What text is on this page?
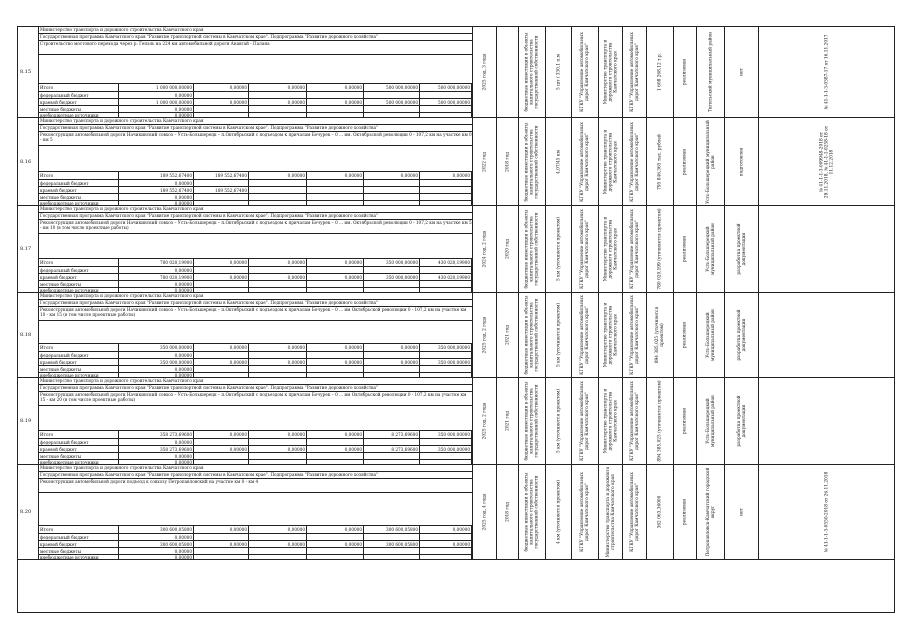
8.15
Министерство транспорта и дорожного строительства Камчатского края
Государственная программа Камчатского края "Развитие транспортной системы в Камчатском крае". Подпрограмма "Развитие дорожного хозяйства"
Строительство мостового перехода через р. Гепэль на 224 км автомобильной дороги Анавгай - Палана
Итого	1 000 000,00000	0,00000	0,00000	0,00000	500 000,00000	500 000,00000
федеральный бюджет	0,00000
краевой бюджет	1 000 000,00000	0,00000	0,00000	0,00000	500 000,00000	500 000,00000
местные бюджеты	0,00000
внебюджетные источники	0,00000
2025 год, 3 года	бюджетные инвестиции в объекты капитального строительства государственной собственности	5 шт / 330,1 п.м	КГКУ "Управление автомобильных дорог Камчатского края"	Министерство транспорта и дорожного строительства Камчатского края	КГКУ "Управление автомобильных дорог Камчатского края"	1 608 268,12 т.р.	реализован	Тигильский муниципальный район	нет	№ 41-1-1-3-0387-17 от 16.11.2017
8.16
Министерство транспорта и дорожного строительства Камчатского края
Государственная программа Камчатского края "Развитие транспортной системы в Камчатском крае". Подпрограмма "Развитие дорожного хозяйства"
Реконструкция автомобильной дороги Начикинский совхоз – Усть-Большерецк – п.Октябрьский с подъездом к причалам Бочурек – 0 ... им. Октябрьской революции 0 - 107,2 км на участке км 0 - км 5
Итого	189 552,67400	189 552,67400	0,00000	0,00000	0,00000	0,00000
федеральный бюджет	0,00000
краевой бюджет	189 552,67400	189 552,67400
местные бюджеты	0,00000
внебюджетные источники	0,00000
2022 год	2018 год	бюджетные инвестиции в объекты капитального строительства государственной собственности	4,07/45 км	КГКУ "Управление автомобильных дорог Камчатского края"	Министерство транспорта и дорожного строительства Камчатского края	КГКУ "Управление автомобильных дорог Камчатского края"	795 846,365 тыс. рублей	реализован	Усть-Большерецкий муниципальный район	подготовлен	№ 41-1-1-3-009948-2018 от 29.11.2018, № 41-1-1-0258-18 от 11.12.2018
8.17
Министерство транспорта и дорожного строительства Камчатского края
Государственная программа Камчатского края "Развитие транспортной системы в Камчатском крае". Подпрограмма "Развитие дорожного хозяйства"
Реконструкция автомобильной дороги Начикинский совхоз – Усть-Большерецк – п.Октябрьский с подъездом к причалам Бочурек – 0 ... им. Октябрьской революции 0 - 107,2 км на участке км 5 - км 10 (в том числе проектные работы)
Итого	780 020,19900	0,00000	0,00000	0,00000	350 000,00000	430 020,19900
федеральный бюджет	0,00000
краевой бюджет	780 020,19900	0,00000	0,00000	0,00000	350 000,00000	430 020,19900
местные бюджеты	0,00000
внебюджетные источники	0,00000
2024 год, 2 года	2020 год	бюджетные инвестиции в объекты капитального строительства государственной собственности	5 км (уточняется проектом)	КГКУ "Управление автомобильных дорог Камчатского края"	Министерство транспорта и дорожного строительства Камчатского края	КГКУ "Управление автомобильных дорог Камчатского края"	780 020,199 (уточняется проектом)	реализован	Усть-Большерецкий муниципальный район	разработка проектной документации
8.18
Министерство транспорта и дорожного строительства Камчатского края
Государственная программа Камчатского края "Развитие транспортной системы в Камчатском крае". Подпрограмма "Развитие дорожного хозяйства"
Реконструкция автомобильной дороги Начикинский совхоз – Усть-Большерецк – п.Октябрьский с подъездом к причалам Бочурек – 0 ... им Октябрьской революции 0 - 107,2 км на участке км 10 - км 15 (в том числе проектные работы)
Итого	350 000,00000	0,00000	0,00000	0,00000	0,00000	350 000,00000
федеральный бюджет	0,00000
краевой бюджет	350 000,00000	0,00000	0,00000	0,00000	0,00000	350 000,00000
местные бюджеты	0,00000
внебюджетные источники	0,00000
2025 год, 2 года	2021 год	бюджетные инвестиции в объекты капитального строительства государственной собственности	5 км (уточняется проектом)	КГКУ "Управление автомобильных дорог Камчатского края"	Министерство транспорта и дорожного строительства Камчатского края	КГКУ "Управление автомобильных дорог Камчатского края"	894 385,025 (уточняется проектом)	реализован	Усть-Большерецкий муниципальный район	разработка проектной документации
8.19
Министерство транспорта и дорожного строительства Камчатского края
Государственная программа Камчатского края "Развитие транспортной системы в Камчатском крае". Подпрограмма "Развитие дорожного хозяйства"
Реконструкция автомобильной дороги Начикинский совхоз – Усть-Большерецк – п.Октябрьский с подъездом к причалам Бочурек – 0 ... им Октябрьской революции 0 - 107,2 км на участке км 15 - км 20 (в том числе проектные работы)
Итого	358 273,69600	0,00000	0,00000	0,00000	8 273,69600	350 000,00000
федеральный бюджет	0,00000
краевой бюджет	358 273,69600	0,00000	0,00000	0,00000	8 273,69600	350 000,00000
местные бюджеты	0,00000
внебюджетные источники	0,00000
2025 год, 2 года	2021 год	бюджетные инвестиции в объекты капитального строительства государственной собственности	5 км (уточняется проектом)	КГКУ "Управление автомобильных дорог Камчатского края"	Министерство транспорта и дорожного строительства Камчатского края	КГКУ "Управление автомобильных дорог Камчатского края"	894 385,025 (уточняется проектом)	реализован	Усть-Большерецкий муниципальный район	разработка проектной документации
8.20
Министерство транспорта и дорожного строительства Камчатского края
Государственная программа Камчатского края "Развитие транспортной системы в Камчатском крае". Подпрограмма "Развитие дорожного хозяйства"
Реконструкция автомобильной дороги подъезд к совхозу Петропавловский на участке км 0 - км 4
Итого	300 600,05800	0,00000	0,00000	0,00000	300 600,05800	0,00000
федеральный бюджет	0,00000
краевой бюджет	300 600,05800	0,00000	0,00000	0,00000	300 600,05800	0,00000
местные бюджеты	0,00000
внебюджетные источники	0,00000
2025 год, 4 года	2018 год	бюджетные инвестиции в объекты капитального строительства государственной собственности	4 км (уточняется проектом)	КГКУ "Управление автомобильных дорог Камчатского края"	Министерство транспорта и дорожного строительства Камчатского края	КГКУ "Управление автомобильных дорог Камчатского края"	362 063,36000	реализован	Петропавловск-Камчатский городской округ	нет	№ 41-1-1-3-0550-2018 от 26.11.2018
